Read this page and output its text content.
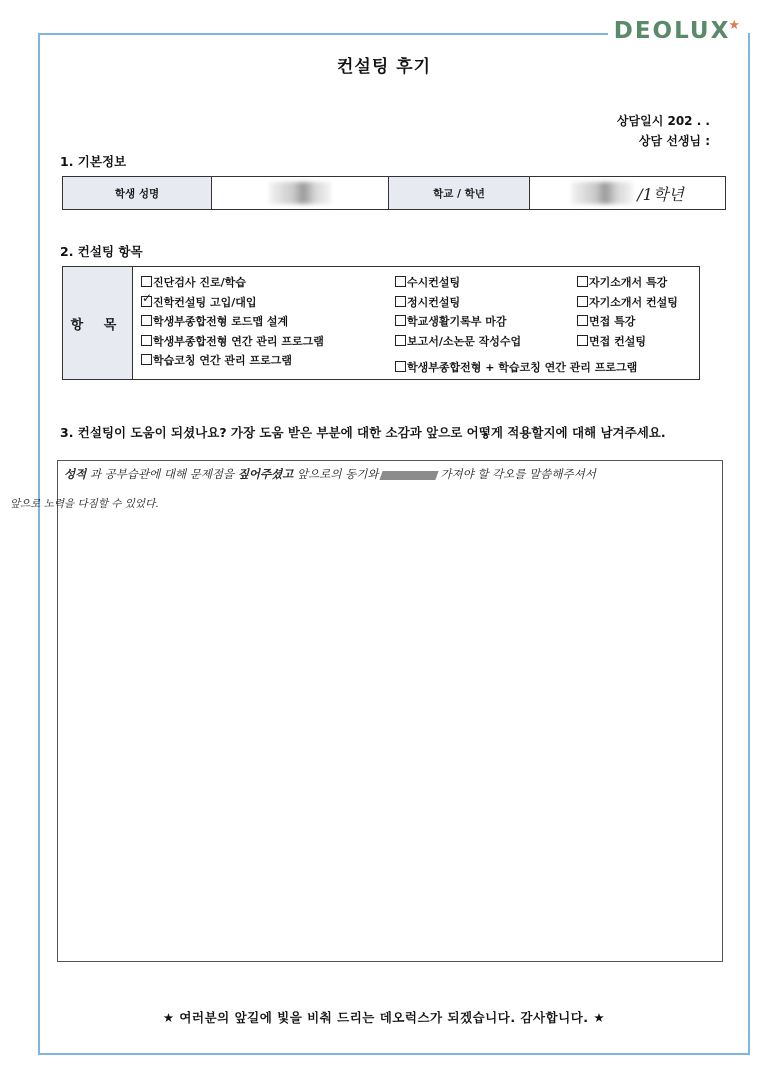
DEOLUX★
컨설팅 후기
상담일시 202 . .
상담 선생님 :
1. 기본정보
학생 성명		학교 / 학년	/1학년
2. 컨설팅 항목
항 목
진단검사 진로/학습
✓진학컨설팅 고입/대입
학생부종합전형 로드맵 설계
학생부종합전형 연간 관리 프로그램
학습코칭 연간 관리 프로그램
수시컨설팅
정시컨설팅
학교생활기록부 마감
보고서/소논문 작성수업
자기소개서 특강
자기소개서 컨설팅
면접 특강
면접 컨설팅
학생부종합전형 + 학습코칭 연간 관리 프로그램
3. 컨설팅이 도움이 되셨나요? 가장 도움 받은 부분에 대한 소감과 앞으로 어떻게 적용할지에 대해 남겨주세요.
성적 과 공부습관에 대해 문제점을 짚어주셨고 앞으로의 동기와	가져야 할 각오를 말씀해주셔서
앞으로 노력을 다짐할 수 있었다.
★ 여러분의 앞길에 빛을 비춰 드리는 데오럭스가 되겠습니다. 감사합니다. ★
